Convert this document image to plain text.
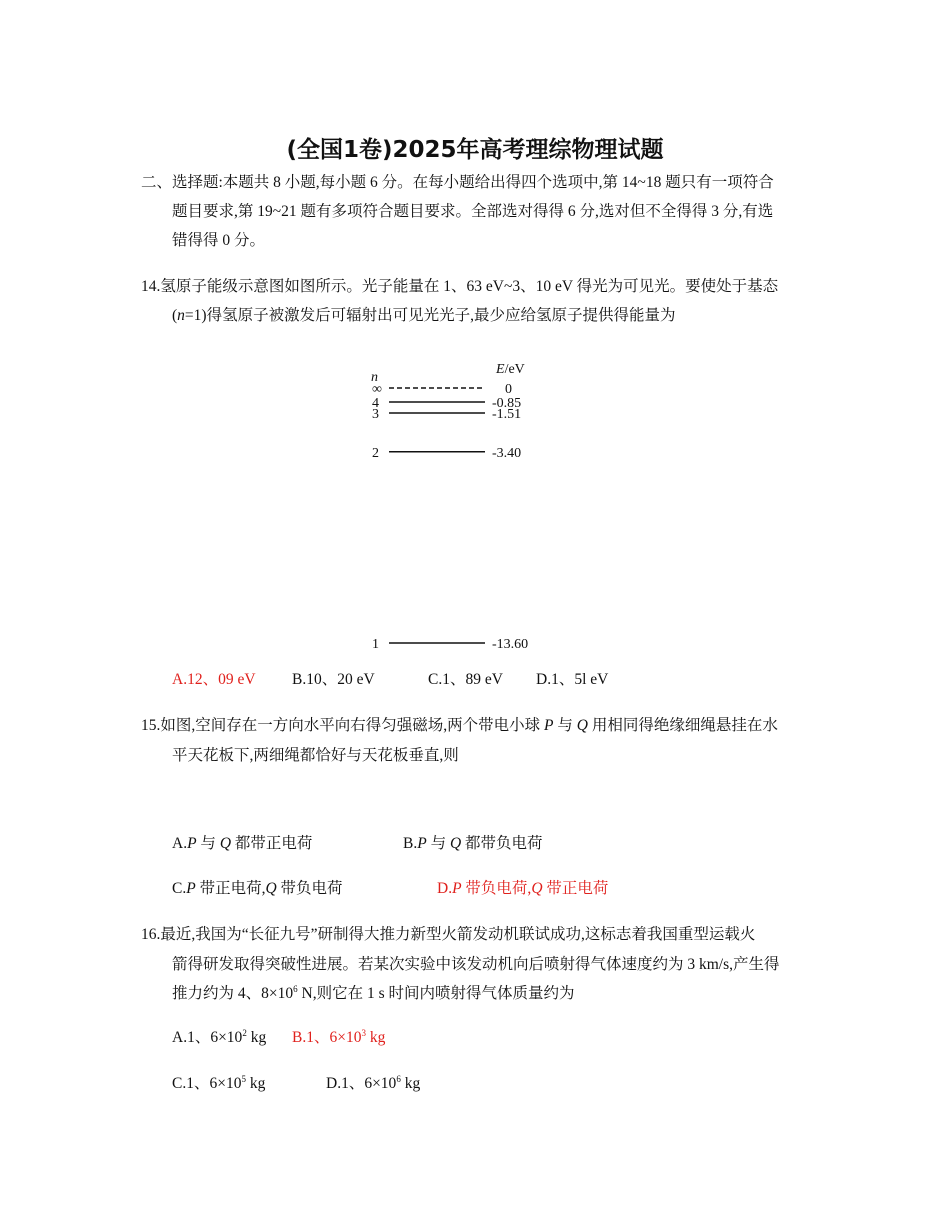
(全国1卷)2025年高考理综物理试题
二、选择题:本题共 8 小题,每小题 6 分。在每小题给出得四个选项中,第 14~18 题只有一项符合
题目要求,第 19~21 题有多项符合题目要求。全部选对得得 6 分,选对但不全得得 3 分,有选
错得得 0 分。
14.氢原子能级示意图如图所示。光子能量在 1、63 eV~3、10 eV 得光为可见光。要使处于基态
(n=1)得氢原子被激发后可辐射出可见光光子,最少应给氢原子提供得能量为
n
E/eV
∞	0
4	-0.85
3	-1.51
2	-3.40
1	-13.60
A.12、09 eV B.10、20 eV	C.1、89 eV D.1、5l eV
15.如图,空间存在一方向水平向右得匀强磁场,两个带电小球 P 与 Q 用相同得绝缘细绳悬挂在水
平天花板下,两细绳都恰好与天花板垂直,则
A.P 与 Q 都带正电荷	B.P 与 Q 都带负电荷
C.P 带正电荷,Q 带负电荷	D.P 带负电荷,Q 带正电荷
16.最近,我国为“长征九号”研制得大推力新型火箭发动机联试成功,这标志着我国重型运载火
箭得研发取得突破性进展。若某次实验中该发动机向后喷射得气体速度约为 3 km/s,产生得
推力约为 4、$8\times 10^6$ N,则它在 1 s 时间内喷射得气体质量约为
A.1、$6\times 10^2$ kg B.1、$6\times 10^3$ kg
C.1、$6\times 10^5$ kg	D.1、$6\times 10^6$ kg
